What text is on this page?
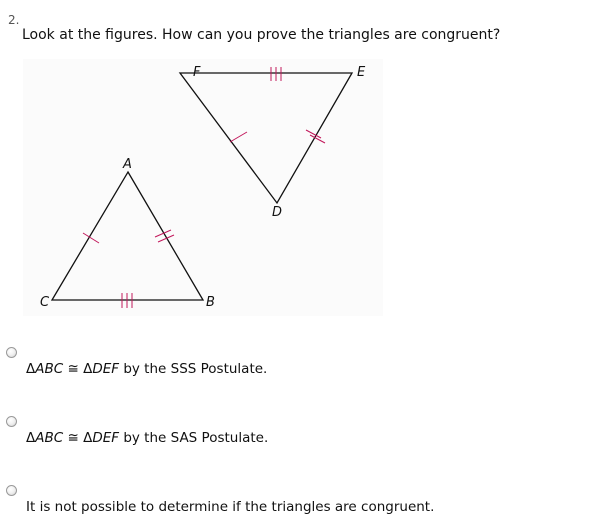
2.
Look at the figures. How can you prove the triangles are congruent?
F	E
D
A
B
C
ΔABC ≅ ΔDEF by the SSS Postulate.
ΔABC ≅ ΔDEF by the SAS Postulate.
It is not possible to determine if the triangles are congruent.
